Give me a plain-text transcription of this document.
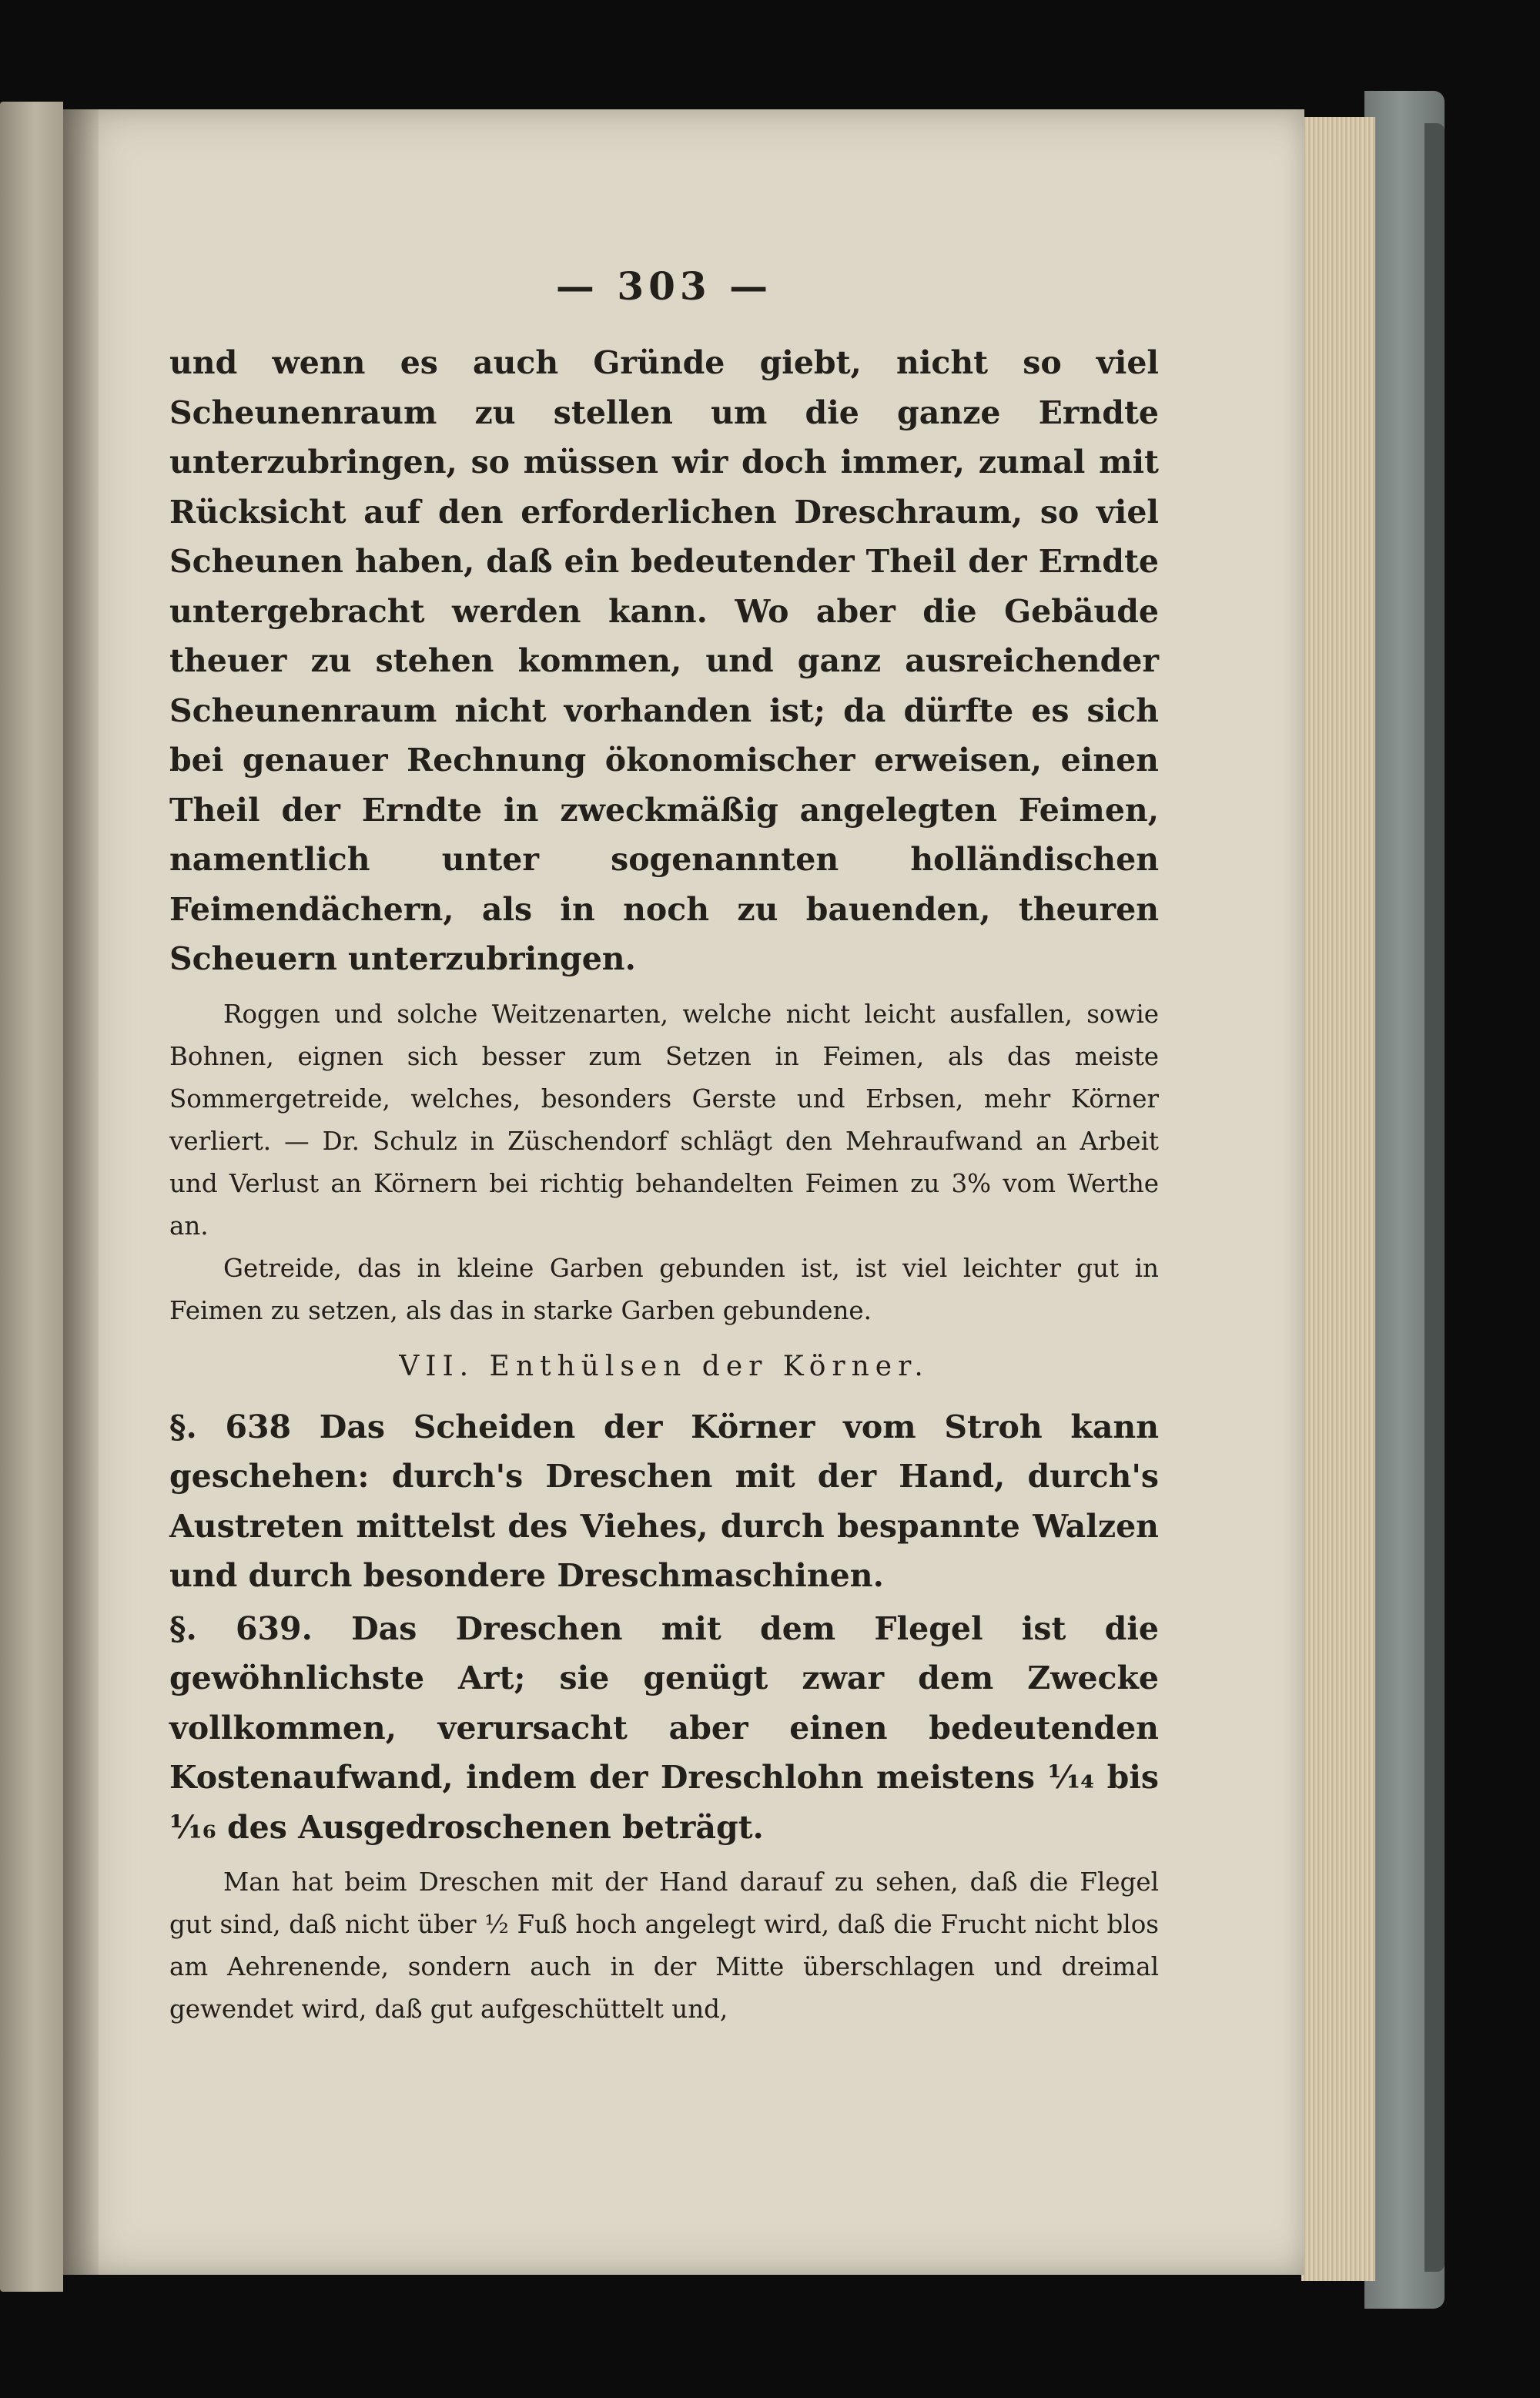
— 303 —

und wenn es auch Gründe giebt, nicht so viel Scheunenraum zu stellen um die ganze Erndte unterzubringen, so müssen wir doch immer, zumal mit Rücksicht auf den erforderlichen Dreschraum, so viel Scheunen haben, daß ein bedeutender Theil der Erndte untergebracht werden kann. Wo aber die Gebäude theuer zu stehen kommen, und ganz ausreichender Scheunenraum nicht vorhanden ist; da dürfte es sich bei genauer Rechnung ökonomischer erweisen, einen Theil der Erndte in zweckmäßig angelegten Feimen, namentlich unter sogenannten holländischen Feimendächern, als in noch zu bauenden, theuren Scheuern unterzubringen.

Roggen und solche Weitzenarten, welche nicht leicht ausfallen, sowie Bohnen, eignen sich besser zum Setzen in Feimen, als das meiste Sommergetreide, welches, besonders Gerste und Erbsen, mehr Körner verliert. — Dr. Schulz in Züschendorf schlägt den Mehraufwand an Arbeit und Verlust an Körnern bei richtig behandelten Feimen zu 3% vom Werthe an.

Getreide, das in kleine Garben gebunden ist, ist viel leichter gut in Feimen zu setzen, als das in starke Garben gebundene.

VII. Enthülsen der Körner.

§. 638 Das Scheiden der Körner vom Stroh kann geschehen: durch's Dreschen mit der Hand, durch's Austreten mittelst des Viehes, durch bespannte Walzen und durch besondere Dreschmaschinen.

§. 639. Das Dreschen mit dem Flegel ist die gewöhnlichste Art; sie genügt zwar dem Zwecke vollkommen, verursacht aber einen bedeutenden Kostenaufwand, indem der Dreschlohn meistens ¹⁄₁₄ bis ¹⁄₁₆ des Ausgedroschenen beträgt.

Man hat beim Dreschen mit der Hand darauf zu sehen, daß die Flegel gut sind, daß nicht über ½ Fuß hoch angelegt wird, daß die Frucht nicht blos am Aehrenende, sondern auch in der Mitte überschlagen und dreimal gewendet wird, daß gut aufgeschüttelt und,
